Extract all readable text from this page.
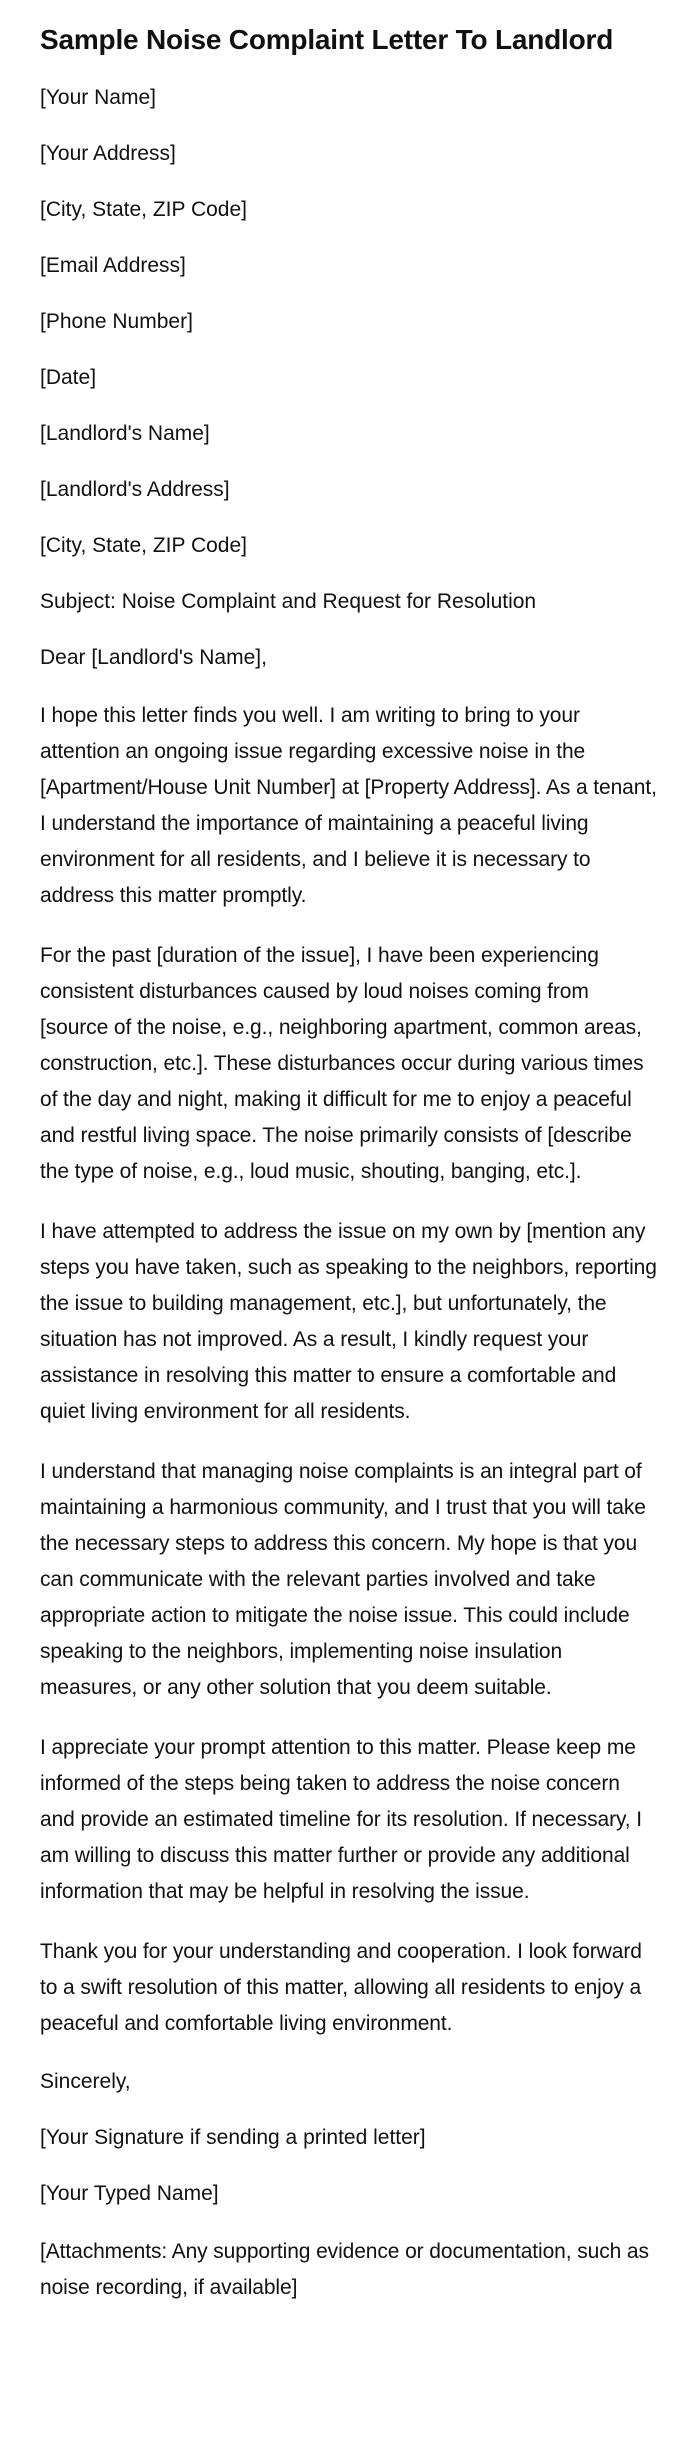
Sample Noise Complaint Letter To Landlord

[Your Name]

[Your Address]

[City, State, ZIP Code]

[Email Address]

[Phone Number]

[Date]

[Landlord's Name]

[Landlord's Address]

[City, State, ZIP Code]

Subject: Noise Complaint and Request for Resolution

Dear [Landlord's Name],

I hope this letter finds you well. I am writing to bring to your attention an ongoing issue regarding excessive noise in the [Apartment/House Unit Number] at [Property Address]. As a tenant, I understand the importance of maintaining a peaceful living environment for all residents, and I believe it is necessary to address this matter promptly.

For the past [duration of the issue], I have been experiencing consistent disturbances caused by loud noises coming from [source of the noise, e.g., neighboring apartment, common areas, construction, etc.]. These disturbances occur during various times of the day and night, making it difficult for me to enjoy a peaceful and restful living space. The noise primarily consists of [describe the type of noise, e.g., loud music, shouting, banging, etc.].

I have attempted to address the issue on my own by [mention any steps you have taken, such as speaking to the neighbors, reporting the issue to building management, etc.], but unfortunately, the situation has not improved. As a result, I kindly request your assistance in resolving this matter to ensure a comfortable and quiet living environment for all residents.

I understand that managing noise complaints is an integral part of maintaining a harmonious community, and I trust that you will take the necessary steps to address this concern. My hope is that you can communicate with the relevant parties involved and take appropriate action to mitigate the noise issue. This could include speaking to the neighbors, implementing noise insulation measures, or any other solution that you deem suitable.

I appreciate your prompt attention to this matter. Please keep me informed of the steps being taken to address the noise concern and provide an estimated timeline for its resolution. If necessary, I am willing to discuss this matter further or provide any additional information that may be helpful in resolving the issue.

Thank you for your understanding and cooperation. I look forward to a swift resolution of this matter, allowing all residents to enjoy a peaceful and comfortable living environment.

Sincerely,

[Your Signature if sending a printed letter]

[Your Typed Name]

[Attachments: Any supporting evidence or documentation, such as noise recording, if available]
